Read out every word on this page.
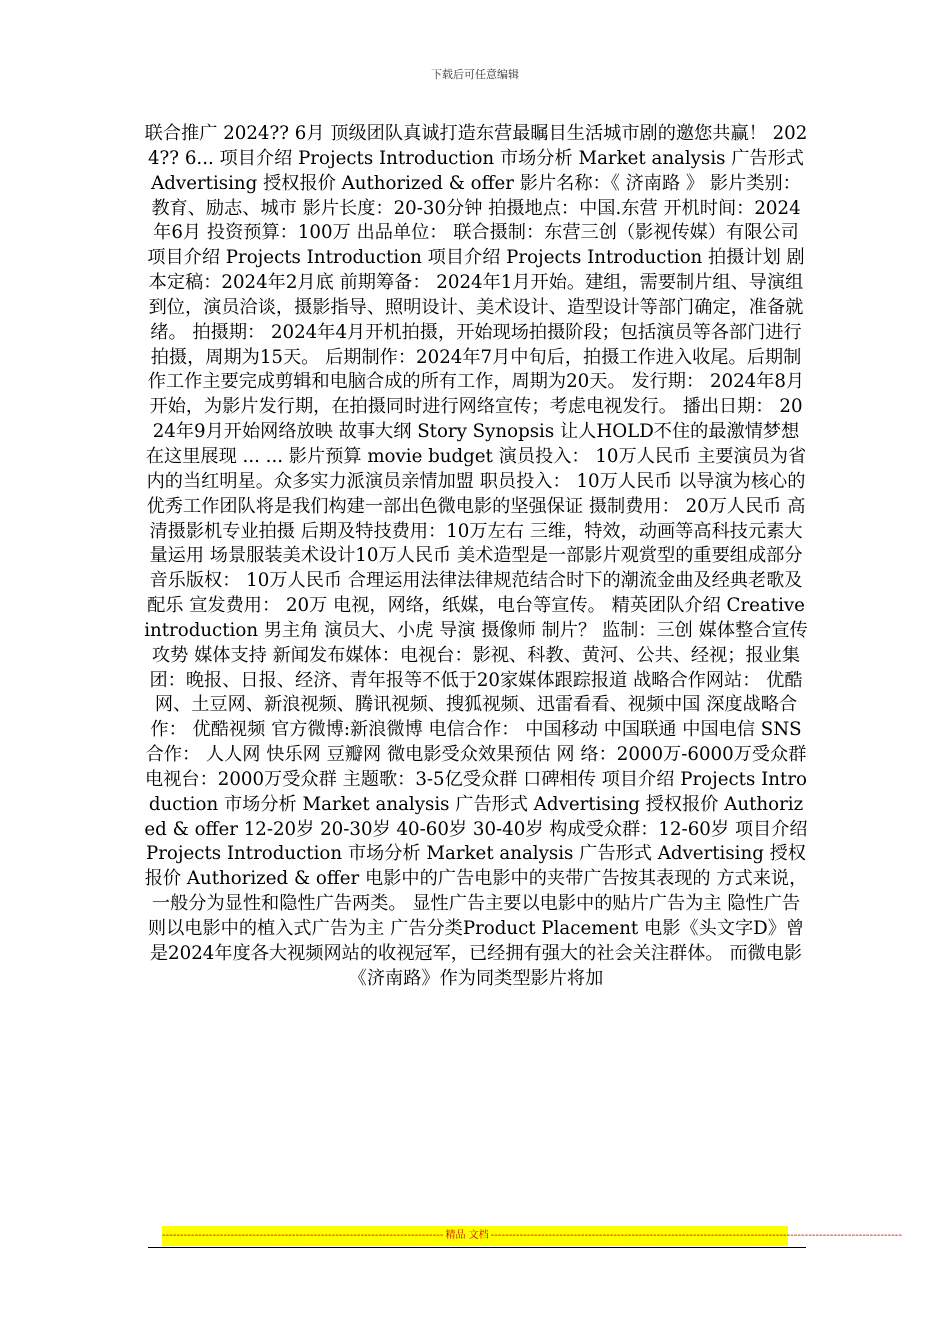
下载后可任意编辑
联合推广 2024?? 6月 顶级团队真诚打造东营最瞩目生活城市剧的邀您共赢！ 2024?? 6... 项目介绍 Projects Introduction 市场分析 Market analysis 广告形式 Advertising 授权报价 Authorized & offer 影片名称：《 济南路 》 影片类别：教育、励志、城市 影片长度：20-30分钟 拍摄地点：中国.东营 开机时间：2024年6月 投资预算：100万 出品单位： 联合摄制：东营三创（影视传媒）有限公司 项目介绍 Projects Introduction 项目介绍 Projects Introduction 拍摄计划 剧本定稿：2024年2月底 前期筹备： 2024年1月开始。建组，需要制片组、导演组到位，演员洽谈，摄影指导、照明设计、美术设计、造型设计等部门确定，准备就绪。 拍摄期： 2024年4月开机拍摄，开始现场拍摄阶段；包括演员等各部门进行拍摄，周期为15天。 后期制作：2024年7月中旬后，拍摄工作进入收尾。后期制作工作主要完成剪辑和电脑合成的所有工作，周期为20天。 发行期： 2024年8月开始，为影片发行期，在拍摄同时进行网络宣传；考虑电视发行。 播出日期： 2024年9月开始网络放映 故事大纲 Story Synopsis 让人HOLD不住的最激情梦想在这里展现 ... ... 影片预算 movie budget 演员投入： 10万人民币 主要演员为省内的当红明星。众多实力派演员亲情加盟 职员投入： 10万人民币 以导演为核心的优秀工作团队将是我们构建一部出色微电影的坚强保证 摄制费用： 20万人民币 高清摄影机专业拍摄 后期及特技费用：10万左右 三维，特效，动画等高科技元素大量运用 场景服装美术设计10万人民币 美术造型是一部影片观赏型的重要组成部分 音乐版权： 10万人民币 合理运用法律法律规范结合时下的潮流金曲及经典老歌及配乐 宣发费用： 20万 电视，网络，纸媒，电台等宣传。 精英团队介绍 Creative introduction 男主角 演员大、小虎 导演 摄像师 制片？ 监制：三创 媒体整合宣传攻势 媒体支持 新闻发布媒体：电视台：影视、科教、黄河、公共、经视；报业集团：晚报、日报、经济、青年报等不低于20家媒体跟踪报道 战略合作网站： 优酷网、土豆网、新浪视频、腾讯视频、搜狐视频、迅雷看看、视频中国 深度战略合作： 优酷视频 官方微博:新浪微博 电信合作： 中国移动 中国联通 中国电信 SNS合作： 人人网 快乐网 豆瓣网 微电影受众效果预估 网 络：2000万-6000万受众群 电视台：2000万受众群 主题歌：3-5亿受众群 口碑相传 项目介绍 Projects Introduction 市场分析 Market analysis 广告形式 Advertising 授权报价 Authorized & offer 12-20岁 20-30岁 40-60岁 30-40岁 构成受众群：12-60岁 项目介绍 Projects Introduction 市场分析 Market analysis 广告形式 Advertising 授权报价 Authorized & offer 电影中的广告电影中的夹带广告按其表现的 方式来说，一般分为显性和隐性广告两类。 显性广告主要以电影中的贴片广告为主 隐性广告则以电影中的植入式广告为主 广告分类Product Placement 电影《头文字D》曾是2024年度各大视频网站的收视冠军，已经拥有强大的社会关注群体。 而微电影《济南路》作为同类型影片将加
------------------------------------------------------------------------------ 精品 文档 ------------------------------------------------------------------------------------------------------------------
